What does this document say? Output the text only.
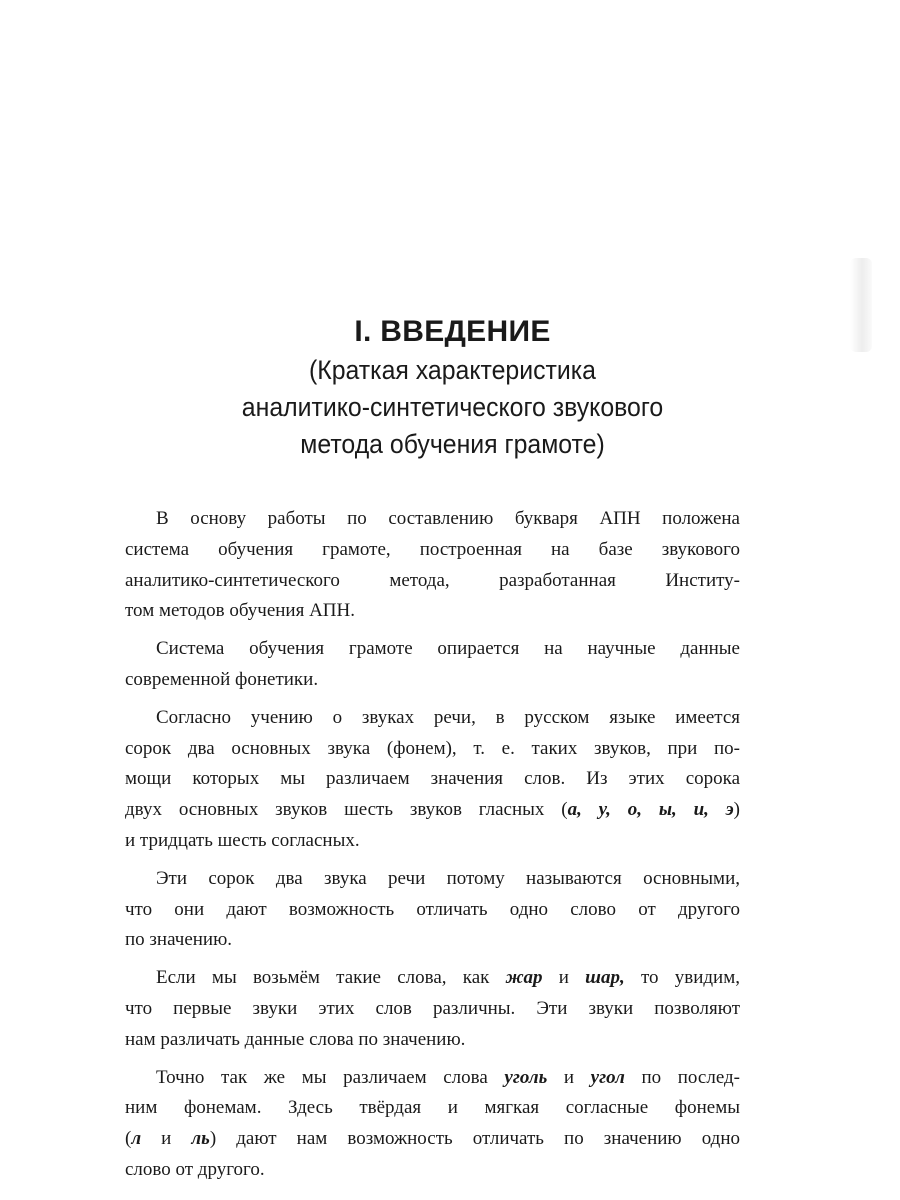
I. ВВЕДЕНИЕ

(Краткая характеристика

аналитико-синтетического звукового

метода обучения грамоте)

В основу работы по составлению букваря АПН положена
система обучения грамоте, построенная на базе звукового
аналитико-синтетического метода, разработанная Институ-
том методов обучения АПН.

Система обучения грамоте опирается на научные данные
современной фонетики.

Согласно учению о звуках речи, в русском языке имеется
сорок два основных звука (фонем), т. е. таких звуков, при по-
мощи которых мы различаем значения слов. Из этих сорока
двух основных звуков шесть звуков гласных (а, у, о, ы, и, э)
и тридцать шесть согласных.

Эти сорок два звука речи потому называются основными,
что они дают возможность отличать одно слово от другого
по значению.

Если мы возьмём такие слова, как жар и шар, то увидим,
что первые звуки этих слов различны. Эти звуки позволяют
нам различать данные слова по значению.

Точно так же мы различаем слова уголь и угол по послед-
ним фонемам. Здесь твёрдая и мягкая согласные фонемы
(л и ль) дают нам возможность отличать по значению одно
слово от другого.
